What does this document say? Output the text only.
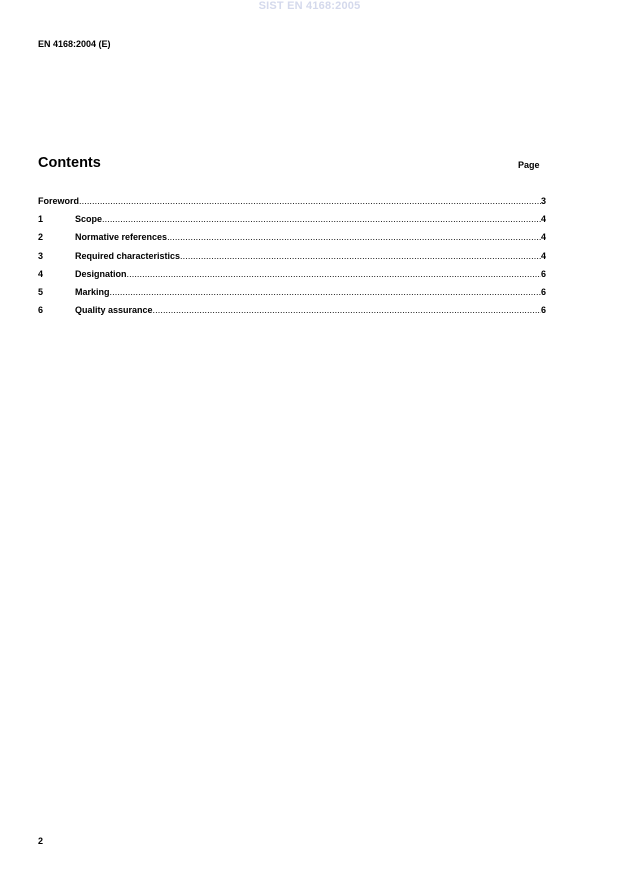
SIST EN 4168:2005
EN 4168:2004 (E)
Contents	Page
Foreword .....	3
1	Scope .....	4
2	Normative references .....	4
3	Required characteristics .....	4
4	Designation .....	6
5	Marking .....	6
6	Quality assurance .....	6
2
